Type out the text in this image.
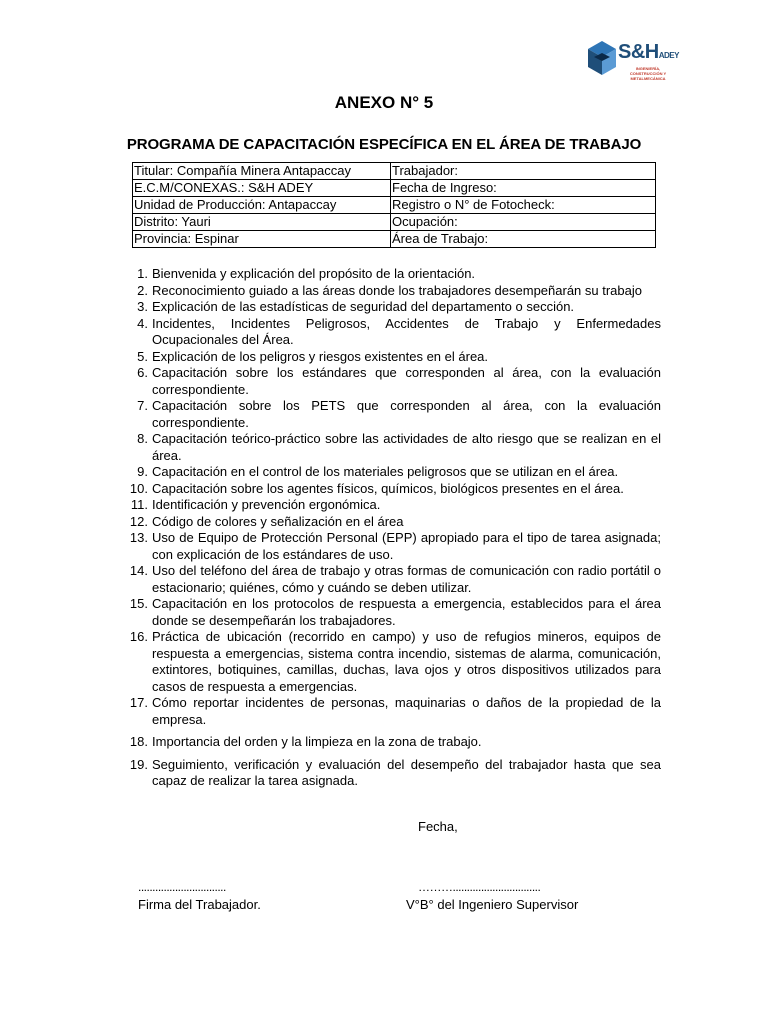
S&HADEY
INGENIERÍA, CONSTRUCCIÓN Y METALMECÁNICA
ANEXO N° 5
PROGRAMA DE CAPACITACIÓN ESPECÍFICA EN EL ÁREA DE TRABAJO
Titular: Compañía Minera Antapaccay	Trabajador:
E.C.M/CONEXAS.: S&H ADEY	Fecha de Ingreso:
Unidad de Producción: Antapaccay	Registro o N° de Fotocheck:
Distrito: Yauri	Ocupación:
Provincia: Espinar	Área de Trabajo:
1. Bienvenida y explicación del propósito de la orientación.
2. Reconocimiento guiado a las áreas donde los trabajadores desempeñarán su trabajo
3. Explicación de las estadísticas de seguridad del departamento o sección.
4. Incidentes, Incidentes Peligrosos, Accidentes de Trabajo y Enfermedades Ocupacionales del Área.
5. Explicación de los peligros y riesgos existentes en el área.
6. Capacitación sobre los estándares que corresponden al área, con la evaluación correspondiente.
7. Capacitación sobre los PETS que corresponden al área, con la evaluación correspondiente.
8. Capacitación teórico-práctico sobre las actividades de alto riesgo que se realizan en el área.
9. Capacitación en el control de los materiales peligrosos que se utilizan en el área.
10. Capacitación sobre los agentes físicos, químicos, biológicos presentes en el área.
11. Identificación y prevención ergonómica.
12. Código de colores y señalización en el área
13. Uso de Equipo de Protección Personal (EPP) apropiado para el tipo de tarea asignada; con explicación de los estándares de uso.
14. Uso del teléfono del área de trabajo y otras formas de comunicación con radio portátil o estacionario; quiénes, cómo y cuándo se deben utilizar.
15. Capacitación en los protocolos de respuesta a emergencia, establecidos para el área donde se desempeñarán los trabajadores.
16. Práctica de ubicación (recorrido en campo) y uso de refugios mineros, equipos de respuesta a emergencias, sistema contra incendio, sistemas de alarma, comunicación, extintores, botiquines, camillas, duchas, lava ojos y otros dispositivos utilizados para casos de respuesta a emergencias.
17. Cómo reportar incidentes de personas, maquinarias o daños de la propiedad de la empresa.
18. Importancia del orden y la limpieza en la zona de trabajo.
19. Seguimiento, verificación y evaluación del desempeño del trabajador hasta que sea capaz de realizar la tarea asignada.
Fecha,
...............................	………...............................
Firma del Trabajador.	V°B° del Ingeniero Supervisor
